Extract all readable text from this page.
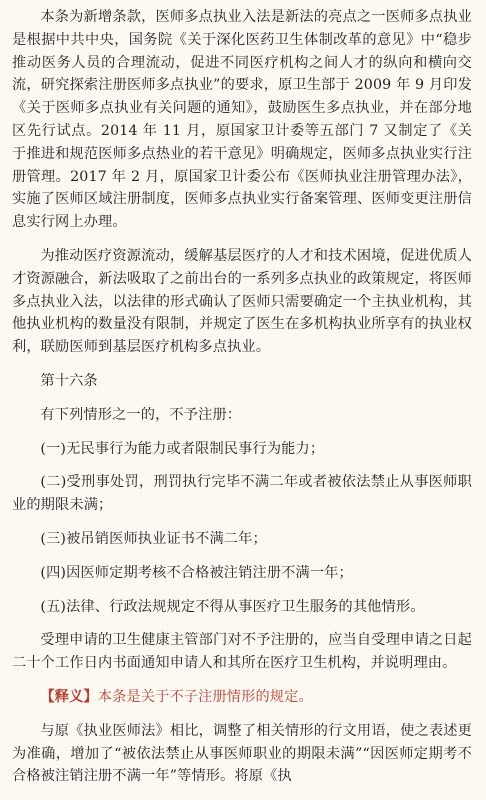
本条为新增条款，医师多点执业入法是新法的亮点之一医师多点执业是根据中共中央，国务院《关于深化医药卫生体制改革的意见》中“稳步推动医务人员的合理流动，促进不同医疗机构之间人才的纵向和横向交流，研究探索注册医师多点执业”的要求，原卫生部于 2009 年 9 月印发《关于医师多点执业有关问题的通知》，鼓励医生多点执业，并在部分地区先行试点。2014 年 11 月，原国家卫计委等五部门 7 又制定了《关于推进和规范医师多点热业的若干意见》明确规定，医师多点执业实行注册管理。2017 年 2 月，原国家卫计委公布《医师执业注册管理办法》，实施了医师区域注册制度，医师多点执业实行备案管理、医师变更注册信息实行网上办理。

为推动医疗资源流动，缓解基层医疗的人才和技术困境，促进优质人才资源融合，新法吸取了之前出台的一系列多点执业的政策规定，将医师多点执业入法，以法律的形式确认了医师只需要确定一个主执业机构，其他执业机构的数量没有限制，并规定了医生在多机构执业所享有的执业权利，联励医师到基层医疗机构多点执业。

第十六条

有下列情形之一的，不予注册：

(一)无民事行为能力或者限制民事行为能力；

(二)受刑事处罚，刑罚执行完毕不满二年或者被依法禁止从事医师职业的期限未满；

(三)被吊销医师执业证书不满二年；

(四)因医师定期考核不合格被注销注册不满一年；

(五)法律、行政法规规定不得从事医疗卫生服务的其他情形。

受理申请的卫生健康主管部门对不予注册的，应当自受理申请之日起二十个工作日内书面通知申请人和其所在医疗卫生机构，并说明理由。

【释义】本条是关于不子注册情形的规定。

与原《执业医师法》相比，调整了相关情形的行文用语，使之表述更为准确，增加了“被依法禁止从事医师职业的期限未满”“因医师定期考不合格被注销注册不满一年”等情形。将原《执
